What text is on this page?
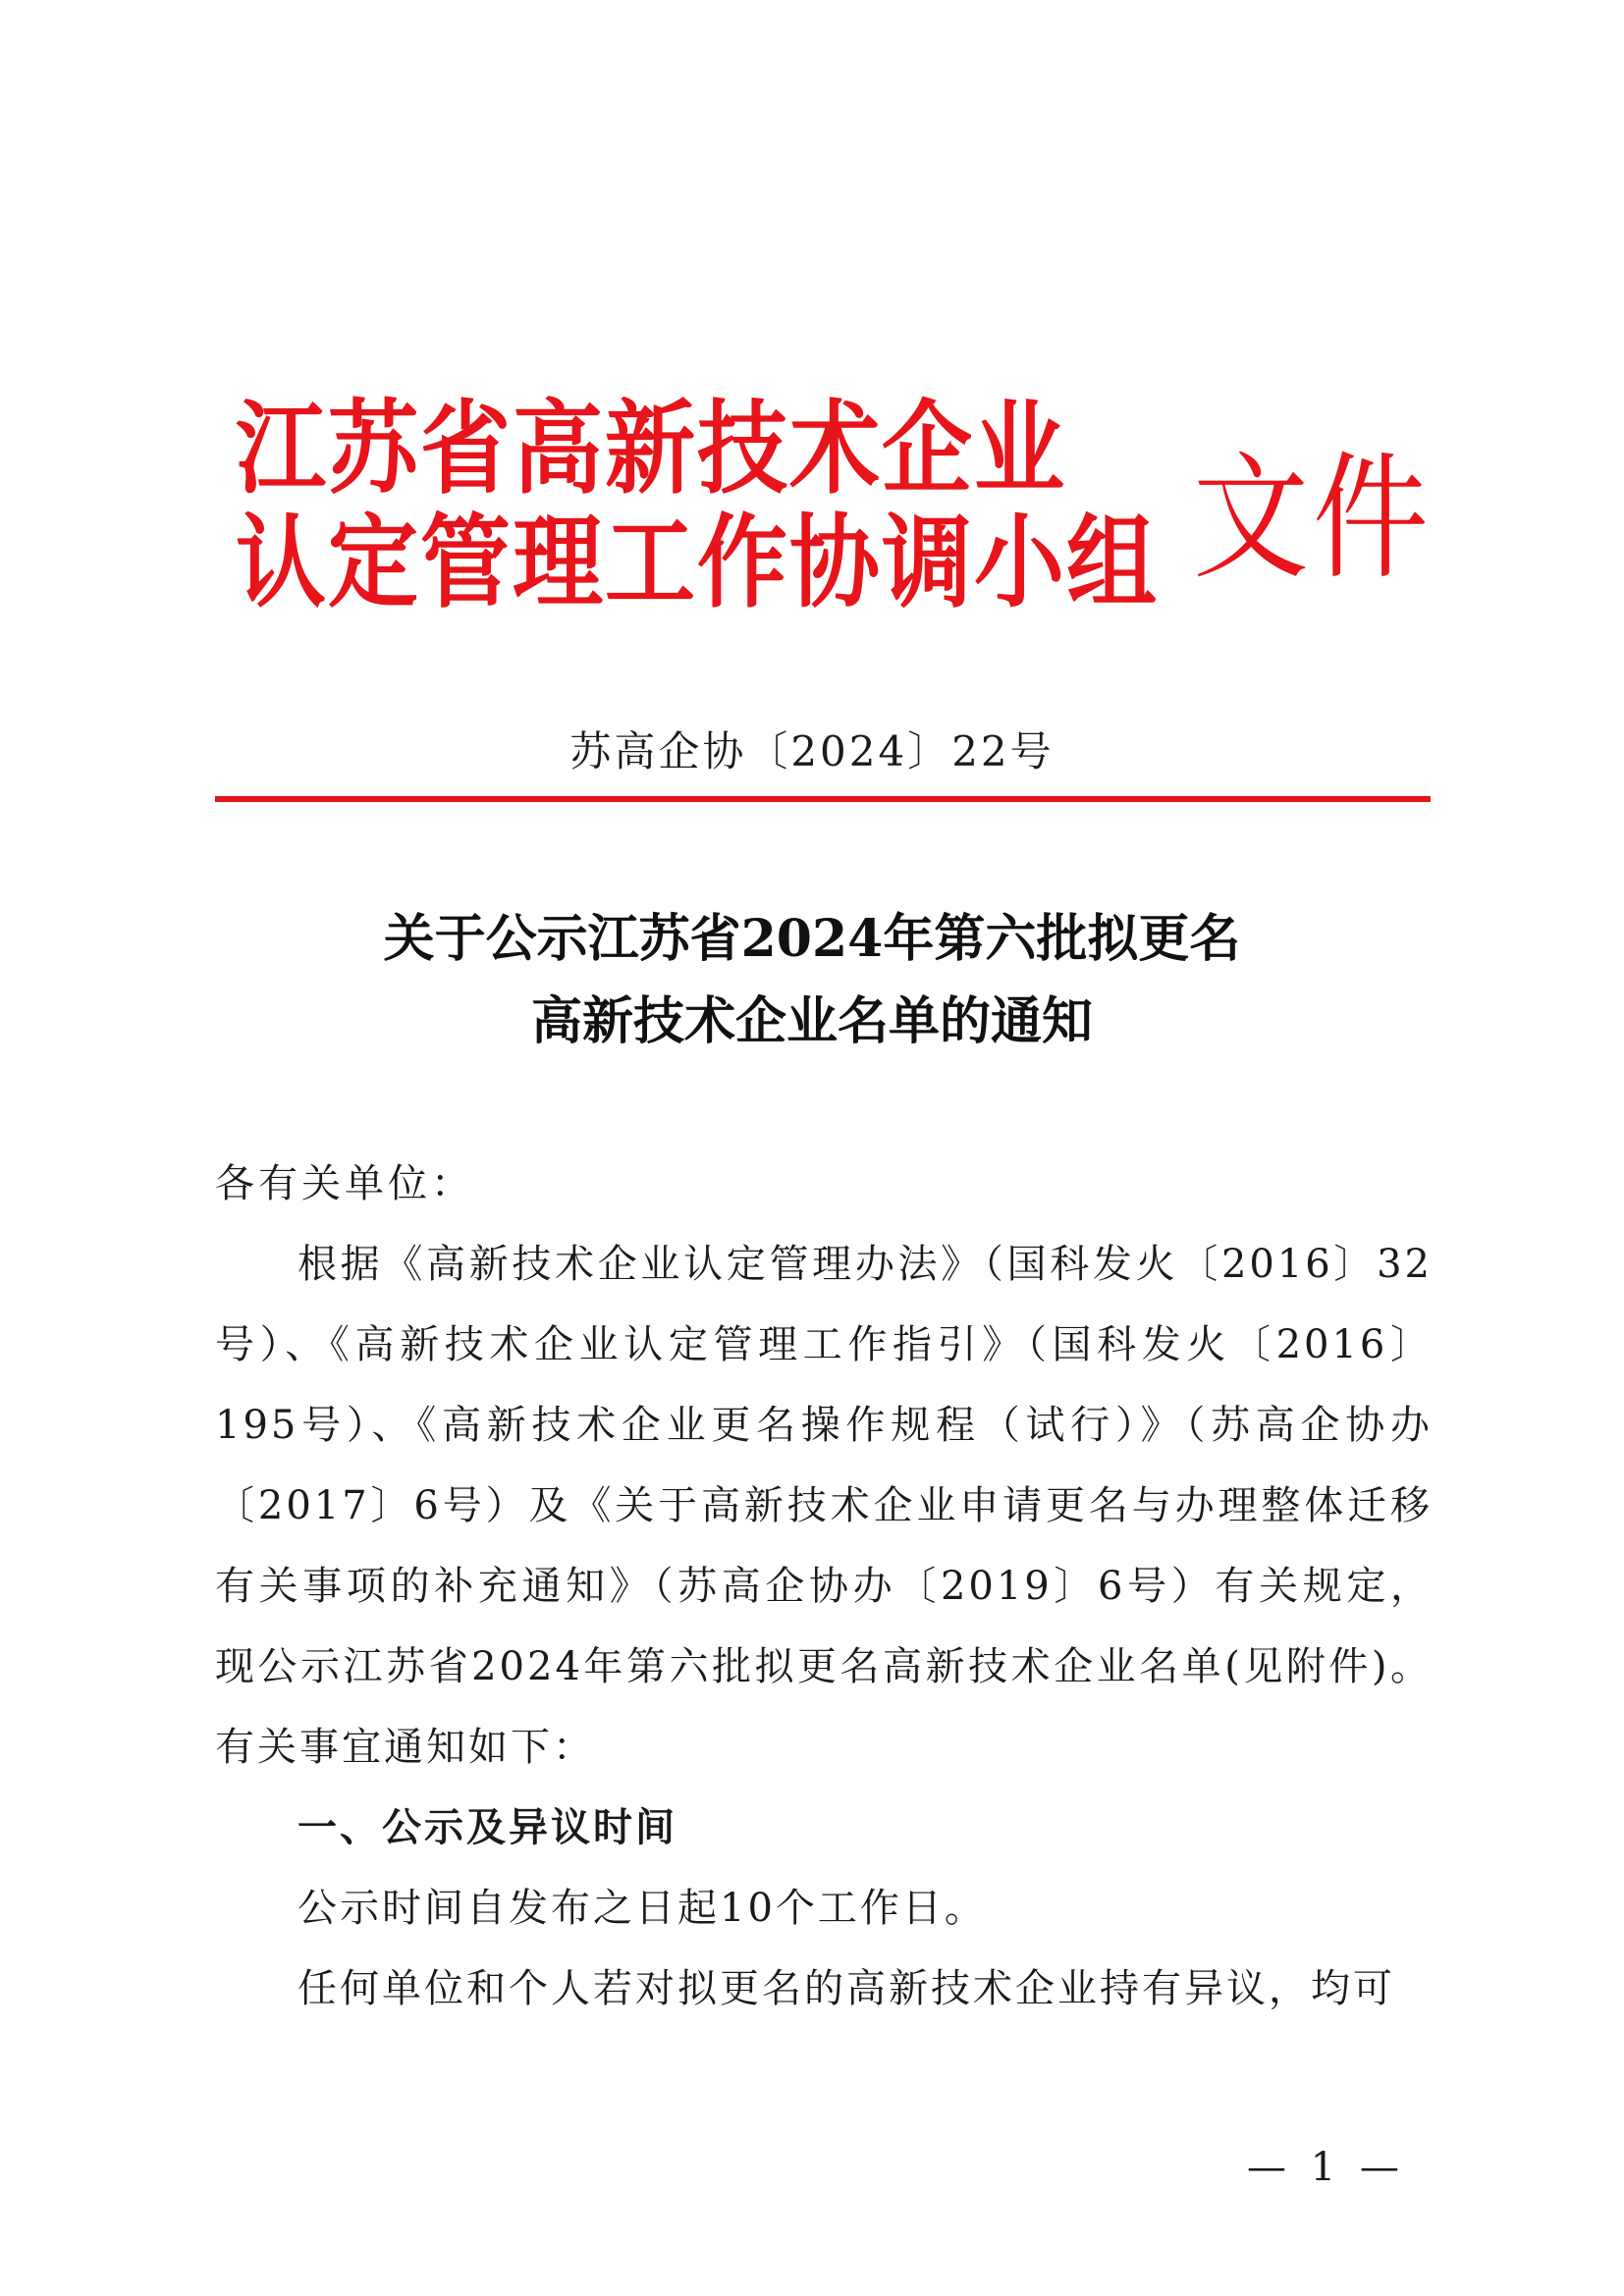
江苏省高新技术企业
认定管理工作协调小组 文件
苏高企协〔2024〕22号
关于公示江苏省2024年第六批拟更名
高新技术企业名单的通知
各有关单位：
根据《高新技术企业认定管理办法》（国科发火〔2016〕32号）、《高新技术企业认定管理工作指引》（国科发火〔2016〕195号）、《高新技术企业更名操作规程（试行）》（苏高企协办〔2017〕6号）及《关于高新技术企业申请更名与办理整体迁移有关事项的补充通知》（苏高企协办〔2019〕6号）有关规定，现公示江苏省2024年第六批拟更名高新技术企业名单(见附件)。有关事宜通知如下：
一、公示及异议时间
公示时间自发布之日起10个工作日。
任何单位和个人若对拟更名的高新技术企业持有异议，均可
— 1 —
